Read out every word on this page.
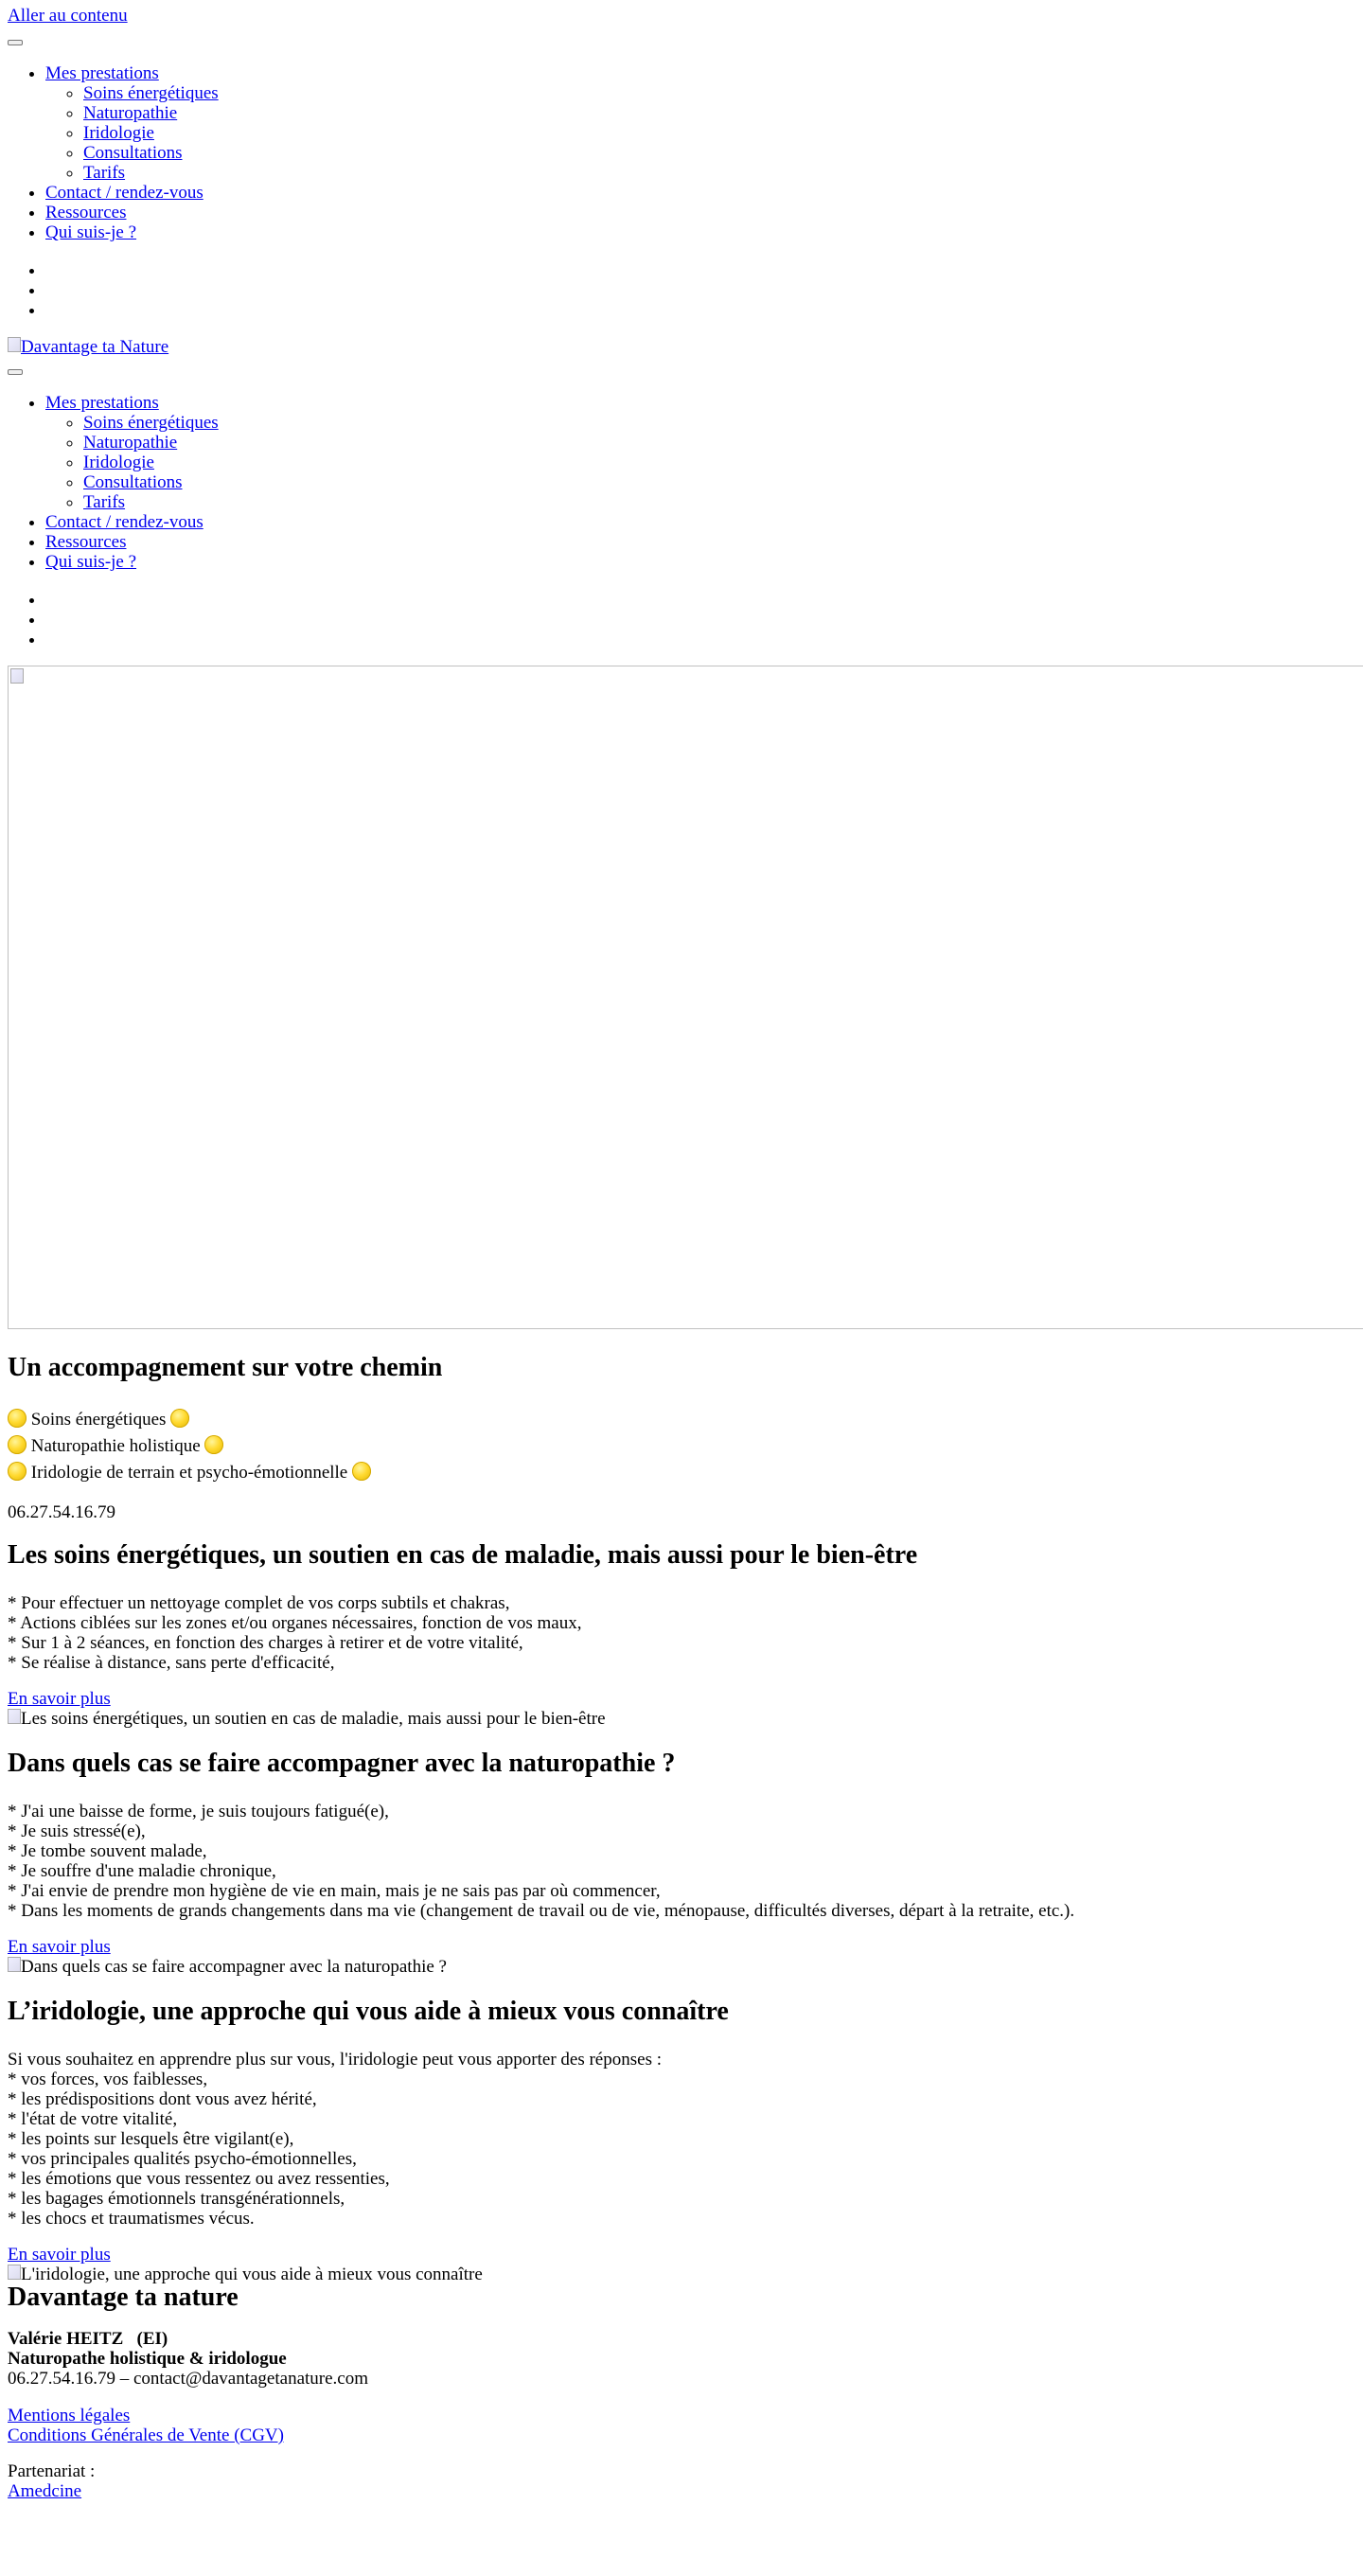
Aller au contenu
• Mes prestations
◦ Soins énergétiques
◦ Naturopathie
◦ Iridologie
◦ Consultations
◦ Tarifs
• Contact / rendez-vous
• Ressources
• Qui suis-je ?
Davantage ta Nature
• Mes prestations
◦ Soins énergétiques
◦ Naturopathie
◦ Iridologie
◦ Consultations
◦ Tarifs
• Contact / rendez-vous
• Ressources
• Qui suis-je ?
Un accompagnement sur votre chemin
Soins énergétiques
Naturopathie holistique
Iridologie de terrain et psycho-émotionnelle
06.27.54.16.79
Les soins énergétiques, un soutien en cas de maladie, mais aussi pour le bien-être
* Pour effectuer un nettoyage complet de vos corps subtils et chakras,
* Actions ciblées sur les zones et/ou organes nécessaires, fonction de vos maux,
* Sur 1 à 2 séances, en fonction des charges à retirer et de votre vitalité,
* Se réalise à distance, sans perte d'efficacité,
En savoir plus
Les soins énergétiques, un soutien en cas de maladie, mais aussi pour le bien-être
Dans quels cas se faire accompagner avec la naturopathie ?
* J'ai une baisse de forme, je suis toujours fatigué(e),
* Je suis stressé(e),
* Je tombe souvent malade,
* Je souffre d'une maladie chronique,
* J'ai envie de prendre mon hygiène de vie en main, mais je ne sais pas par où commencer,
* Dans les moments de grands changements dans ma vie (changement de travail ou de vie, ménopause, difficultés diverses, départ à la retraite, etc.).
En savoir plus
Dans quels cas se faire accompagner avec la naturopathie ?
L’iridologie, une approche qui vous aide à mieux vous connaître
Si vous souhaitez en apprendre plus sur vous, l'iridologie peut vous apporter des réponses :
* vos forces, vos faiblesses,
* les prédispositions dont vous avez hérité,
* l'état de votre vitalité,
* les points sur lesquels être vigilant(e),
* vos principales qualités psycho-émotionnelles,
* les émotions que vous ressentez ou avez ressenties,
* les bagages émotionnels transgénérationnels,
* les chocs et traumatismes vécus.
En savoir plus
L'iridologie, une approche qui vous aide à mieux vous connaître
Davantage ta nature
Valérie HEITZ   (EI)
Naturopathe holistique & iridologue
06.27.54.16.79 – contact@davantagetanature.com
Mentions légales
Conditions Générales de Vente (CGV)
Partenariat :
Amedcine
